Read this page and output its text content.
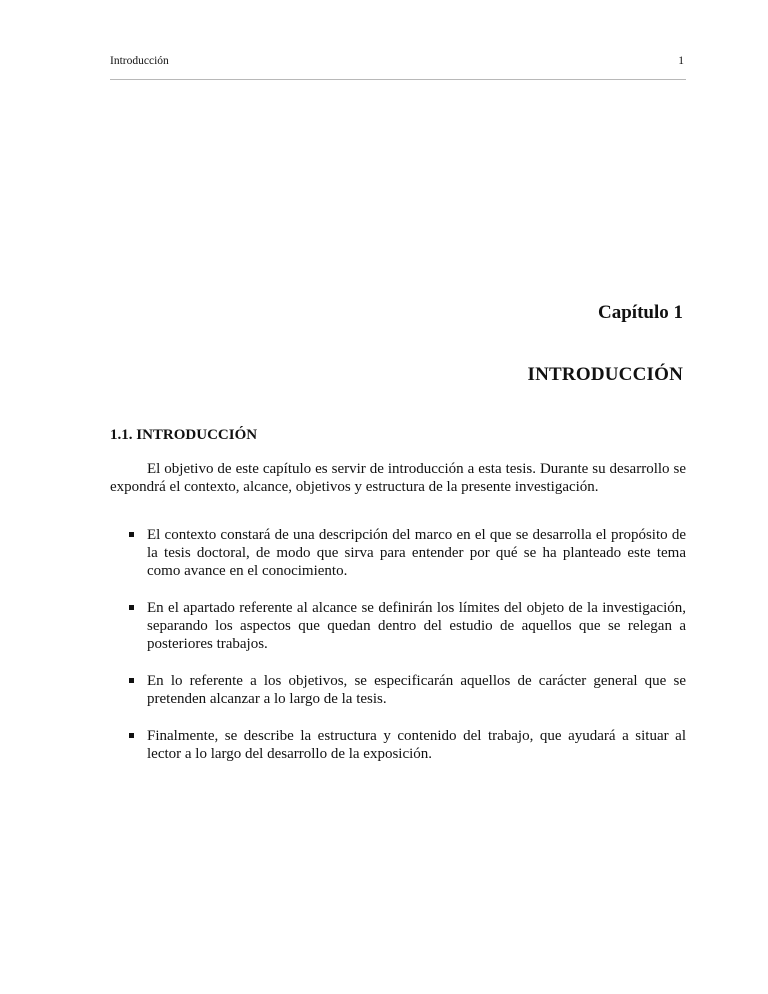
Introducción	1
Capítulo 1
INTRODUCCIÓN
1.1. INTRODUCCIÓN

El objetivo de este capítulo es servir de introducción a esta tesis. Durante su desarrollo se expondrá el contexto, alcance, objetivos y estructura de la presente investigación.

El contexto constará de una descripción del marco en el que se desarrolla el propósito de la tesis doctoral, de modo que sirva para entender por qué se ha planteado este tema como avance en el conocimiento.
En el apartado referente al alcance se definirán los límites del objeto de la investigación, separando los aspectos que quedan dentro del estudio de aquellos que se relegan a posteriores trabajos.
En lo referente a los objetivos, se especificarán aquellos de carácter general que se pretenden alcanzar a lo largo de la tesis.
Finalmente, se describe la estructura y contenido del trabajo, que ayudará a situar al lector a lo largo del desarrollo de la exposición.
